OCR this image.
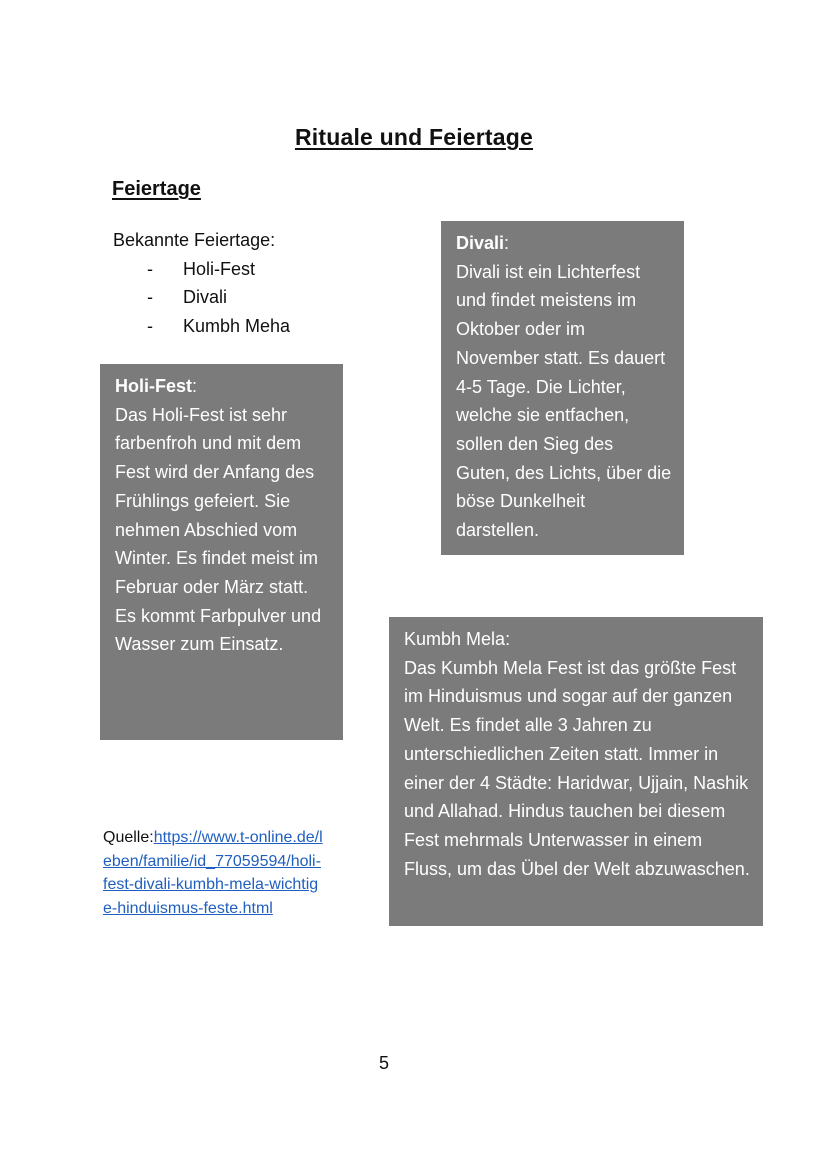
Rituale und Feiertage
Feiertage
Bekannte Feiertage:
- Holi-Fest
- Divali
- Kumbh Meha
Divali:
Divali ist ein Lichterfest und findet meistens im Oktober oder im November statt. Es dauert 4-5 Tage. Die Lichter, welche sie entfachen, sollen den Sieg des Guten, des Lichts, über die böse Dunkelheit darstellen.
Holi-Fest:
Das Holi-Fest ist sehr farbenfroh und mit dem Fest wird der Anfang des Frühlings gefeiert. Sie nehmen Abschied vom Winter. Es findet meist im Februar oder März statt. Es kommt Farbpulver und Wasser zum Einsatz.	Kumbh Mela:
Das Kumbh Mela Fest ist das größte Fest im Hinduismus und sogar auf der ganzen Welt. Es findet alle 3 Jahren zu unterschiedlichen Zeiten statt. Immer in einer der 4 Städte: Haridwar, Ujjain, Nashik und Allahad. Hindus tauchen bei diesem Fest mehrmals Unterwasser in einem Fluss, um das Übel der Welt abzuwaschen.
Quelle:https://www.t-online.de/leben/familie/id_77059594/holi-fest-divali-kumbh-mela-wichtige-hinduismus-feste.html
5
